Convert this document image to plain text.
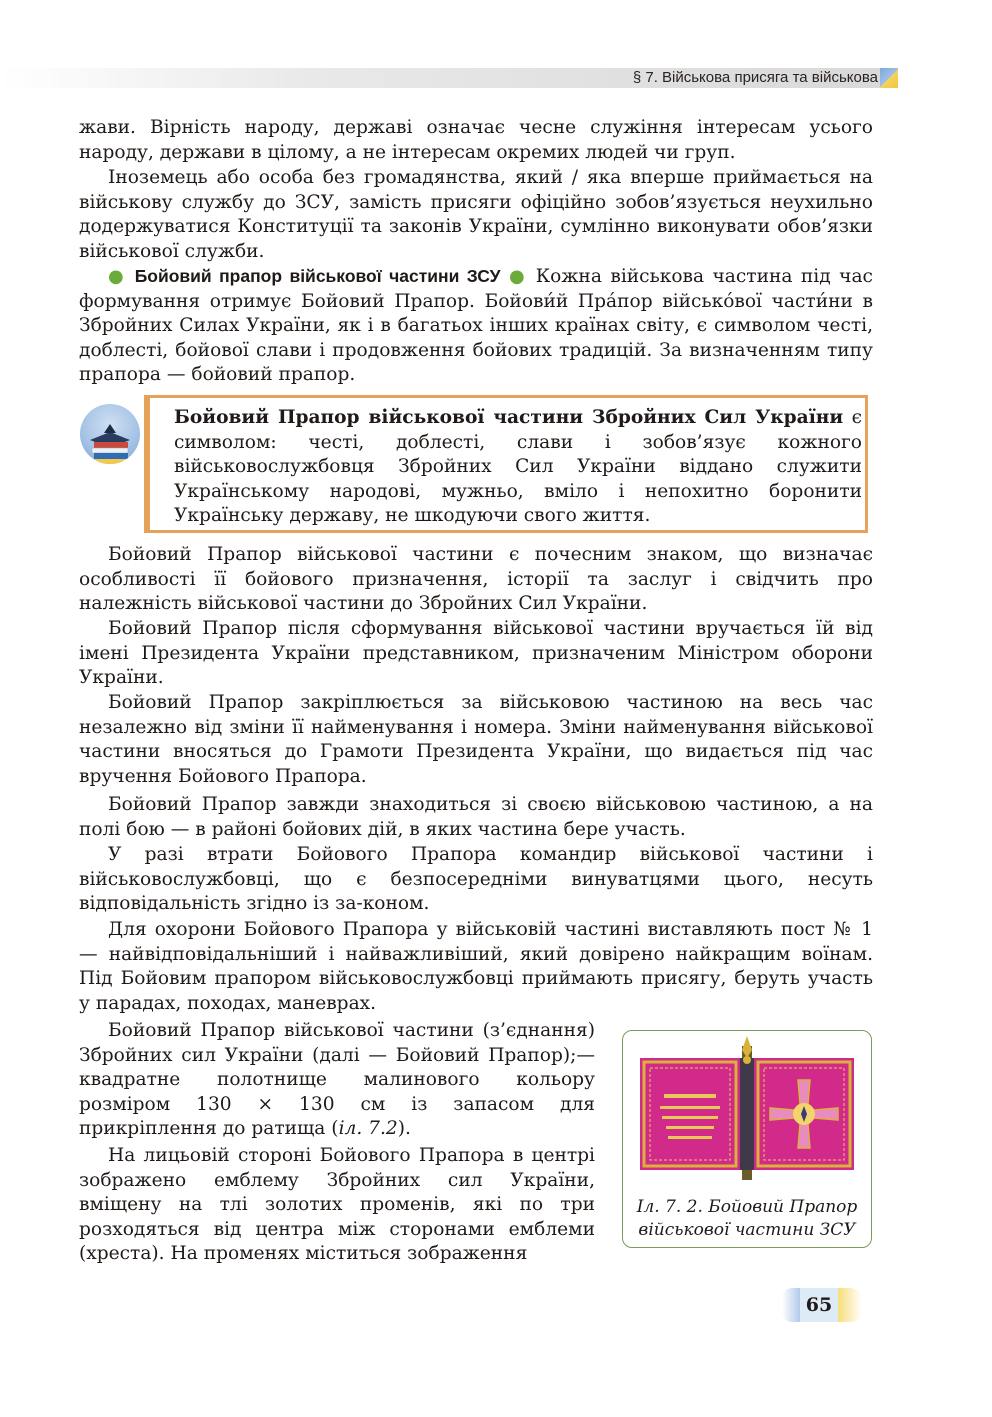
§ 7. Військова присяга та військова
жави. Вірність народу, державі означає чесне служіння інтересам усього народу, держави в цілому, а не інтересам окремих людей чи груп.
Іноземець або особа без громадянства, який / яка вперше приймається на військову службу до ЗСУ, замість присяги офіційно зобов’язується неухильно додержуватися Конституції та законів України, сумлінно виконувати обов’язки військової служби.
● Бойовий прапор військової частини ЗСУ ● Кожна військова частина під час формування отримує Бойовий Прапор. Бойови́й Пра́пор військо́вої части́ни в Збройних Силах України, як і в багатьох інших країнах світу, є символом честі, доблесті, бойової слави і продовження бойових традицій. За визначенням типу прапора — бойовий прапор.
Бойовий Прапор військової частини Збройних Сил України є символом: честі, доблесті, слави і зобов’язує кожного військовослужбовця Збройних Сил України віддано служити Українському народові, мужньо, вміло і непохитно боронити Українську державу, не шкодуючи свого життя.
Бойовий Прапор військової частини є почесним знаком, що визначає особливості її бойового призначення, історії та заслуг і свідчить про належність військової частини до Збройних Сил України.
Бойовий Прапор після сформування військової частини вручається їй від імені Президента України представником, призначеним Міністром оборони України.
Бойовий Прапор закріплюється за військовою частиною на весь час незалежно від зміни її найменування і номера. Зміни найменування військової частини вносяться до Грамоти Президента України, що видається під час вручення Бойового Прапора.
Бойовий Прапор завжди знаходиться зі своєю військовою частиною, а на полі бою — в районі бойових дій, в яких частина бере участь.
У разі втрати Бойового Прапора командир військової частини і військовослужбовці, що є безпосередніми винуватцями цього, несуть відповідальність згідно із за-коном.
Для охорони Бойового Прапора у військовій частині виставляють пост № 1 — найвідповідальніший і найважливіший, який довірено найкращим воїнам. Під Бойовим прапором військовослужбовці приймають присягу, беруть участь у парадах, походах, маневрах.
Бойовий Прапор військової частини (з’єднання) Збройних сил України (далі — Бойовий Прапор);— квадратне полотнище малинового кольору розміром 130 × 130 см із запасом для прикріплення до ратища (іл. 7.2).
На лицьовій стороні Бойового Прапора в центрі зображено емблему Збройних сил України, вміщену на тлі золотих променів, які по три розходяться від центра між сторонами емблеми (хреста). На променях міститься зображення
Іл. 7. 2. Бойовий Прапор військової частини ЗСУ
65
